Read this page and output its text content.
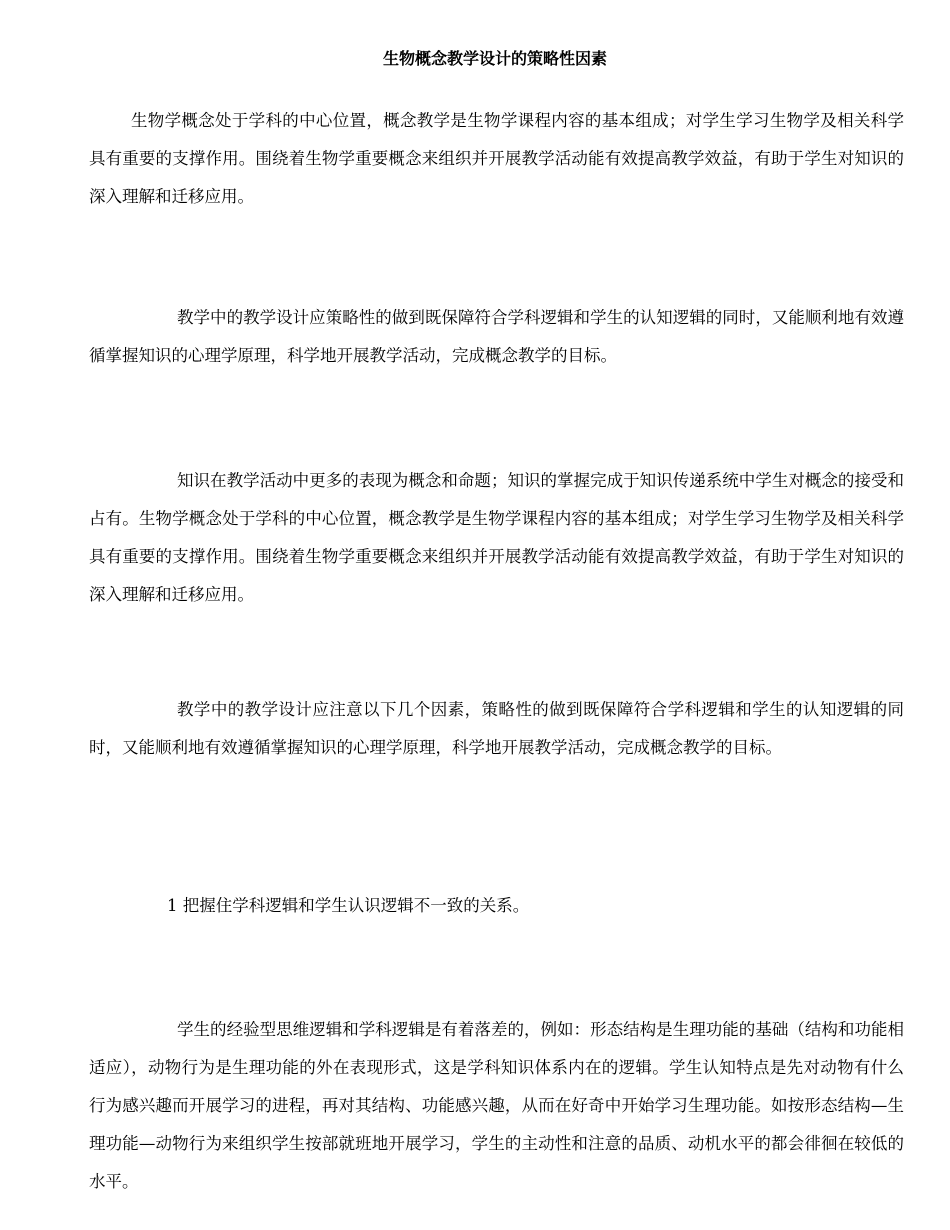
生物概念教学设计的策略性因素

生物学概念处于学科的中心位置，概念教学是生物学课程内容的基本组成；对学生学习生物学及相关科学具有重要的支撑作用。围绕着生物学重要概念来组织并开展教学活动能有效提高教学效益，有助于学生对知识的深入理解和迁移应用。

教学中的教学设计应策略性的做到既保障符合学科逻辑和学生的认知逻辑的同时，又能顺利地有效遵循掌握知识的心理学原理，科学地开展教学活动，完成概念教学的目标。

知识在教学活动中更多的表现为概念和命题；知识的掌握完成于知识传递系统中学生对概念的接受和占有。生物学概念处于学科的中心位置，概念教学是生物学课程内容的基本组成；对学生学习生物学及相关科学具有重要的支撑作用。围绕着生物学重要概念来组织并开展教学活动能有效提高教学效益，有助于学生对知识的深入理解和迁移应用。

教学中的教学设计应注意以下几个因素，策略性的做到既保障符合学科逻辑和学生的认知逻辑的同时，又能顺利地有效遵循掌握知识的心理学原理，科学地开展教学活动，完成概念教学的目标。

1 把握住学科逻辑和学生认识逻辑不一致的关系。

学生的经验型思维逻辑和学科逻辑是有着落差的，例如：形态结构是生理功能的基础（结构和功能相适应），动物行为是生理功能的外在表现形式，这是学科知识体系内在的逻辑。学生认知特点是先对动物有什么行为感兴趣而开展学习的进程，再对其结构、功能感兴趣，从而在好奇中开始学习生理功能。如按形态结构—生理功能—动物行为来组织学生按部就班地开展学习，学生的主动性和注意的品质、动机水平的都会徘徊在较低的水平。
